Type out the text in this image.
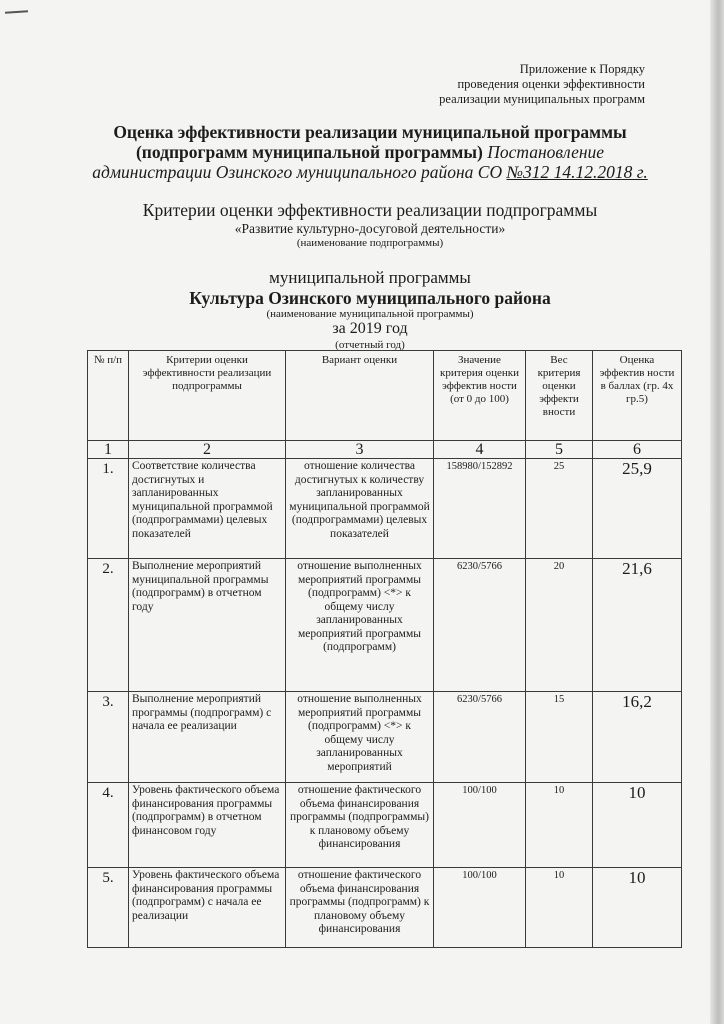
Приложение к Порядку
проведения оценки эффективности
реализации муниципальных программ
Оценка эффективности реализации муниципальной программы
(подпрограмм муниципальной программы) Постановление
администрации Озинского муниципального района СО №312 14.12.2018 г.
Критерии оценки эффективности реализации подпрограммы
«Развитие культурно-досуговой деятельности»
(наименование подпрограммы)
муниципальной программы
Культура Озинского муниципального района
(наименование муниципальной программы)
за 2019 год
(отчетный год)
№ п/п	Критерии оценки эффективности реализации подпрограммы	Вариант оценки	Значение критерия оценки эффектив ности (от 0 до 100)	Вес критерия оценки эффекти вности	Оценка эффектив ности в баллах (гр. 4х гр.5)
1	2	3	4	5	6
1.	Соответствие количества достигнутых и запланированных муниципальной программой (подпрограммами) целевых показателей	отношение количества достигнутых к количеству запланированных муниципальной программой (подпрограммами) целевых показателей	158980/152892	25	25,9
2.	Выполнение мероприятий муниципальной программы (подпрограмм) в отчетном году	отношение выполненных мероприятий программы (подпрограмм) <*> к общему числу запланированных мероприятий программы (подпрограмм)	6230/5766	20	21,6
3.	Выполнение мероприятий программы (подпрограмм) с начала ее реализации	отношение выполненных мероприятий программы (подпрограмм) <*> к общему числу запланированных мероприятий	6230/5766	15	16,2
4.	Уровень фактического объема финансирования программы (подпрограмм) в отчетном финансовом году	отношение фактического объема финансирования программы (подпрограммы) к плановому объему финансирования	100/100	10	10
5.	Уровень фактического объема финансирования программы (подпрограмм) с начала ее реализации	отношение фактического объема финансирования программы (подпрограмм) к плановому объему финансирования	100/100	10	10
